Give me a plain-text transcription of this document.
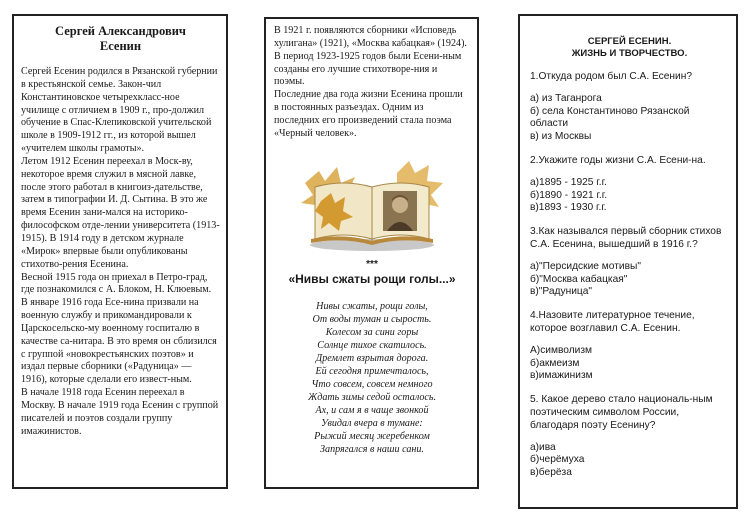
Сергей Александрович
Есенин

Сергей Есенин родился в Рязанской губернии в крестьянской семье. Закон-чил Константиновское четырехкласс-ное училище с отличием в 1909 г., про-должил обучение в Спас-Клепиковской учительской школе в 1909-1912 гг., из которой вышел «учителем школы грамоты».

Летом 1912 Есенин переехал в Моск-ву, некоторое время служил в мясной лавке, после этого работал в книгоиз-дательстве, затем в типографии И. Д. Сытина. В это же время Есенин зани-мался на историко-философском отде-лении университета (1913-1915). В 1914 году в детском журнале «Мирок» впервые были опубликованы стихотво-рения Есенина.

Весной 1915 года он приехал в Петро-град, где познакомился с А. Блоком, Н. Клюевым. В январе 1916 года Есе-нина призвали на военную службу и прикомандировали к Царскосельско-му военному госпиталю в качестве са-нитара. В это время он сблизился с группой «новокрестьянских поэтов» и издал первые сборники («Радуница» — 1916), которые сделали его извест-ным.

В начале 1918 года Есенин переехал в Москву. В начале 1919 года Есенин с группой писателей и поэтов создали группу имажинистов.

В 1921 г. появляются сборники «Исповедь хулигана» (1921), «Москва кабацкая» (1924).

В период 1923-1925 годов были Есени-ным созданы его лучшие стихотворе-ния и поэмы.

Последние два года жизни Есенина прошли в постоянных разъездах. Одним из последних его произведений стала поэма «Черный человек».

***
«Нивы сжаты рощи голы...»
Нивы сжаты, рощи голы,
От воды туман и сырость.
Колесом за сини горы
Солнце тихое скатилось.
Дремлет взрытая дорога.
Ей сегодня примечталось,
Что совсем, совсем немного
Ждать зимы седой осталось.
Ах, и сам я в чаще звонкой
Увидал вчера в тумане:
Рыжий месяц жеребенком
Запрягался в наши сани.
СЕРГЕЙ ЕСЕНИН.
ЖИЗНЬ И ТВОРЧЕСТВО.
1.Откуда родом был С.А. Есенин?
а) из Таганрога
б) села Константиново Рязанской области
в) из Москвы
2.Укажите годы жизни С.А. Есени-на.
а)1895 - 1925 г.г.
б)1890 - 1921 г.г.
в)1893 - 1930 г.г.
3.Как назывался первый сборник стихов С.А. Есенина, вышедший в 1916 г.?
а)"Персидские мотивы"
б)"Москва кабацкая"
в)"Радуница"
4.Назовите литературное течение, которое возглавил С.А. Есенин.
А)символизм
б)акмеизм
в)имажинизм
5. Какое дерево стало националь-ным поэтическим символом России, благодаря поэту Есенину?
а)ива
б)черёмуха
в)берёза
